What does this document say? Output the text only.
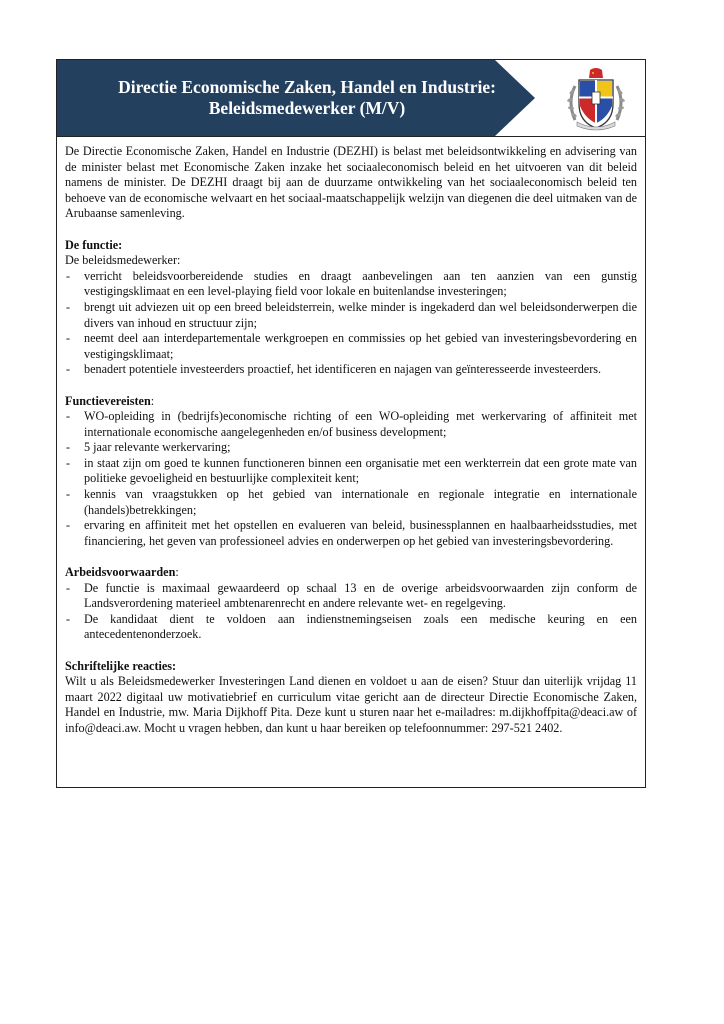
Directie Economische Zaken, Handel en Industrie:
Beleidsmedewerker (M/V)

De Directie Economische Zaken, Handel en Industrie (DEZHI) is belast met beleidsontwikkeling en advisering van de minister belast met Economische Zaken inzake het sociaaleconomisch beleid en het uitvoeren van dit beleid namens de minister. De DEZHI draagt bij aan de duurzame ontwikkeling van het sociaaleconomisch beleid ten behoeve van de economische welvaart en het sociaal-maatschappelijk welzijn van diegenen die deel uitmaken van de Arubaanse samenleving.

De functie:
De beleidsmedewerker:
- verricht beleidsvoorbereidende studies en draagt aanbevelingen aan ten aanzien van een gunstig vestigingsklimaat en een level-playing field voor lokale en buitenlandse investeringen;
- brengt uit adviezen uit op een breed beleidsterrein, welke minder is ingekaderd dan wel beleidsonderwerpen die divers van inhoud en structuur zijn;
- neemt deel aan interdepartementale werkgroepen en commissies op het gebied van investeringsbevordering en vestigingsklimaat;
- benadert potentiele investeerders proactief, het identificeren en najagen van geïnteresseerde investeerders.
Functievereisten:
- WO-opleiding in (bedrijfs)economische richting of een WO-opleiding met werkervaring of affiniteit met internationale economische aangelegenheden en/of business development;
- 5 jaar relevante werkervaring;
- in staat zijn om goed te kunnen functioneren binnen een organisatie met een werkterrein dat een grote mate van politieke gevoeligheid en bestuurlijke complexiteit kent;
- kennis van vraagstukken op het gebied van internationale en regionale integratie en internationale (handels)betrekkingen;
- ervaring en affiniteit met het opstellen en evalueren van beleid, businessplannen en haalbaarheidsstudies, met financiering, het geven van professioneel advies en onderwerpen op het gebied van investeringsbevordering.
Arbeidsvoorwaarden:
- De functie is maximaal gewaardeerd op schaal 13 en de overige arbeidsvoorwaarden zijn conform de Landsverordening materieel ambtenarenrecht en andere relevante wet- en regelgeving.
- De kandidaat dient te voldoen aan indienstnemingseisen zoals een medische keuring en een antecedentenonderzoek.
Schriftelijke reacties:

Wilt u als Beleidsmedewerker Investeringen Land dienen en voldoet u aan de eisen? Stuur dan uiterlijk vrijdag 11 maart 2022 digitaal uw motivatiebrief en curriculum vitae gericht aan de directeur Directie Economische Zaken, Handel en Industrie, mw. Maria Dijkhoff Pita. Deze kunt u sturen naar het e-mailadres: m.dijkhoffpita@deaci.aw of info@deaci.aw. Mocht u vragen hebben, dan kunt u haar bereiken op telefoonnummer: 297-521 2402.
